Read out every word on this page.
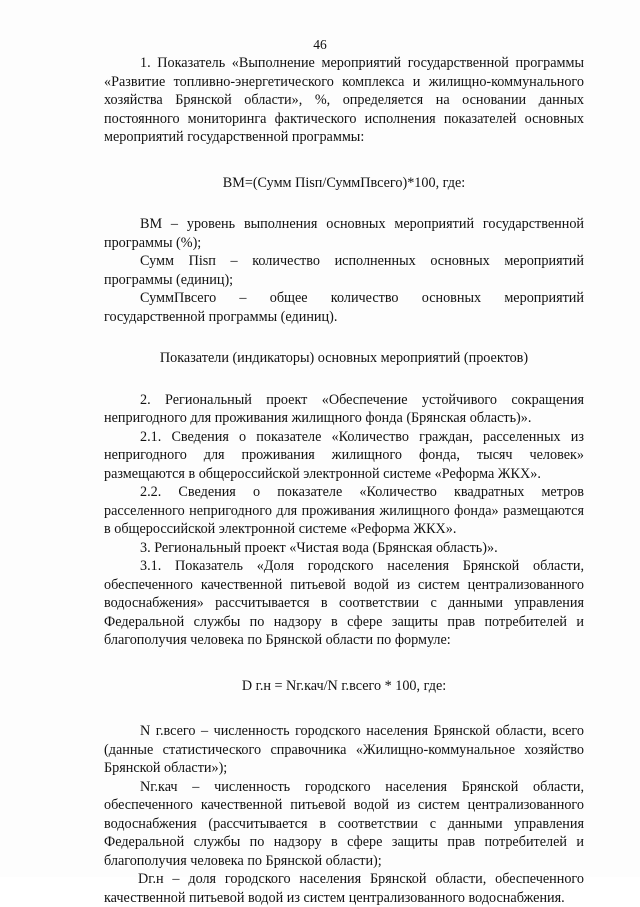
46

1. Показатель «Выполнение мероприятий государственной программы «Развитие топливно-энергетического комплекса и жилищно-коммунального хозяйства Брянской области», %, определяется на основании данных постоянного мониторинга фактического исполнения показателей основных мероприятий государственной программы:

ВМ=(Сумм Пisп/СуммПвсего)*100, где:

ВМ – уровень выполнения основных мероприятий государственной программы (%);

Сумм Пisп – количество исполненных основных мероприятий программы (единиц);

СуммПвсего – общее количество основных мероприятий государственной программы (единиц).

Показатели (индикаторы) основных мероприятий (проектов)

2. Региональный проект «Обеспечение устойчивого сокращения непригодного для проживания жилищного фонда (Брянская область)».

2.1. Сведения о показателе «Количество граждан, расселенных из непригодного для проживания жилищного фонда, тысяч человек» размещаются в общероссийской электронной системе «Реформа ЖКХ».

2.2. Сведения о показателе «Количество квадратных метров расселенного непригодного для проживания жилищного фонда» размещаются в общероссийской электронной системе «Реформа ЖКХ».

3. Региональный проект «Чистая вода (Брянская область)».

3.1. Показатель «Доля городского населения Брянской области, обеспеченного качественной питьевой водой из систем централизованного водоснабжения» рассчитывается в соответствии с данными управления Федеральной службы по надзору в сфере защиты прав потребителей и благополучия человека по Брянской области по формуле:

D г.н = Nг.кач/N г.всего * 100, где:

N г.всего – численность городского населения Брянской области, всего (данные статистического справочника «Жилищно-коммунальное хозяйство Брянской области»);

Nг.кач – численность городского населения Брянской области, обеспеченного качественной питьевой водой из систем централизованного водоснабжения (рассчитывается в соответствии с данными управления Федеральной службы по надзору в сфере защиты прав потребителей и благополучия человека по Брянской области);

Dг.н – доля городского населения Брянской области, обеспеченного качественной питьевой водой из систем централизованного водоснабжения.
